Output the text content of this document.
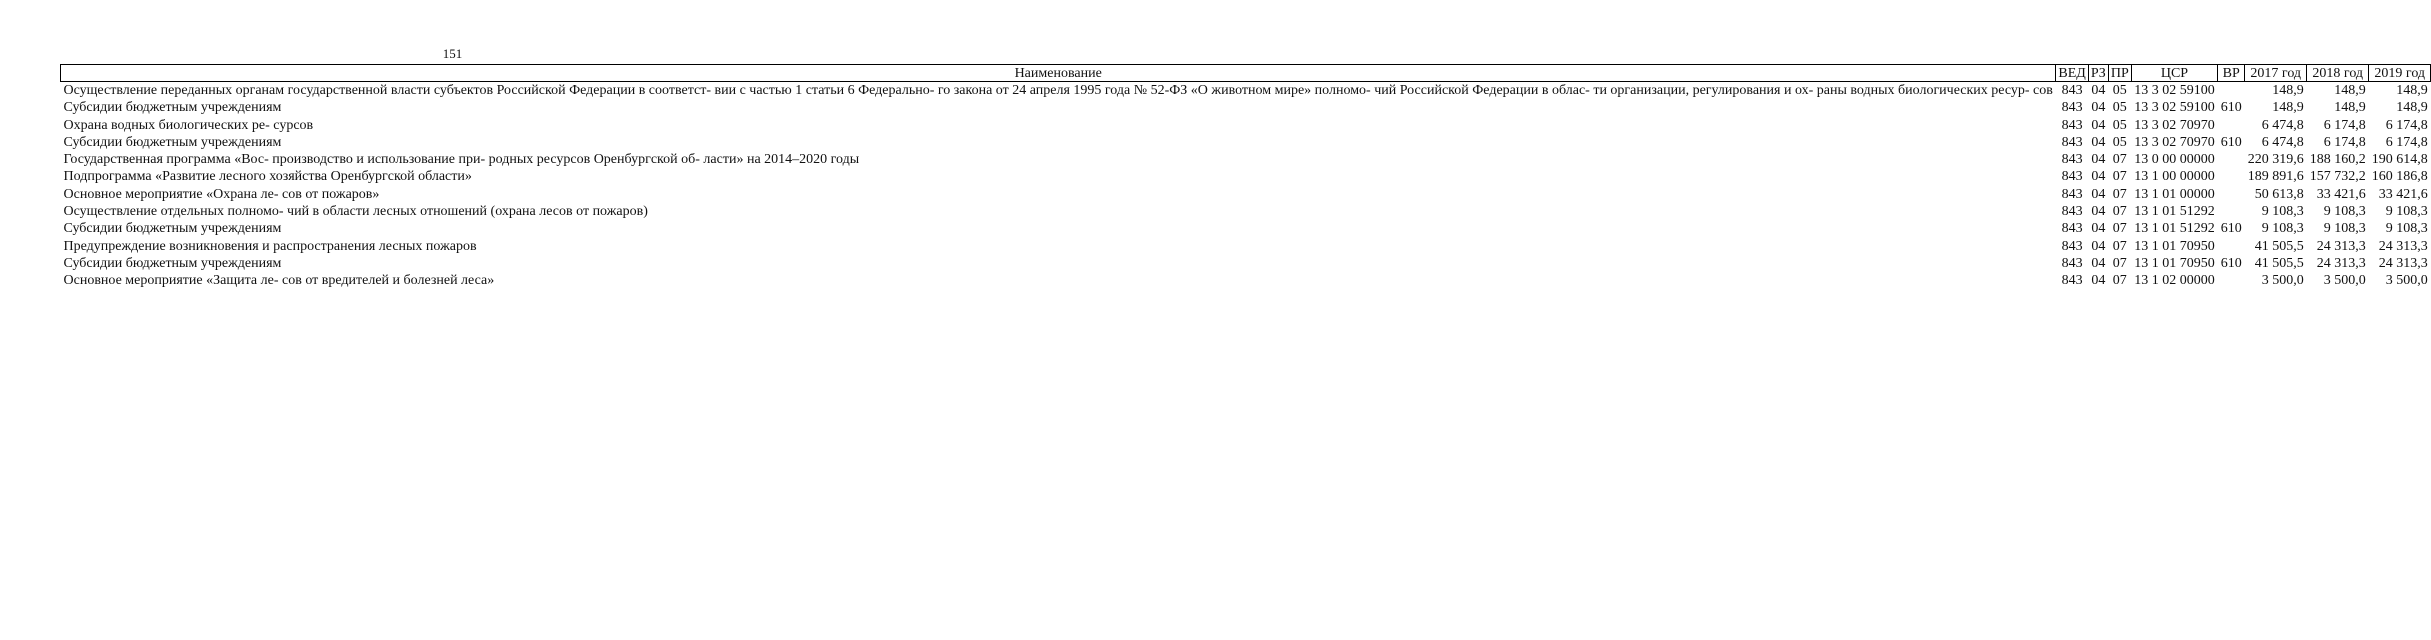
151
Наименование	ВЕД	РЗ	ПР	ЦСР	ВР	2017 год	2018 год	2019 год
Осуществление переданных органам государственной власти субъектов Российской Федерации в соответст- вии с частью 1 статьи 6 Федерально- го закона от 24 апреля 1995 года № 52-ФЗ «О животном мире» полномо- чий Российской Федерации в облас- ти организации, регулирования и ох- раны водных биологических ресур- сов	843	04	05	13 3 02 59100		148,9	148,9	148,9
Субсидии бюджетным учреждениям	843	04	05	13 3 02 59100	610	148,9	148,9	148,9
Охрана водных биологических ре- сурсов	843	04	05	13 3 02 70970		6 474,8	6 174,8	6 174,8
Субсидии бюджетным учреждениям	843	04	05	13 3 02 70970	610	6 474,8	6 174,8	6 174,8
Государственная программа «Вос- производство и использование при- родных ресурсов Оренбургской об- ласти» на 2014–2020 годы	843	04	07	13 0 00 00000		220 319,6	188 160,2	190 614,8
Подпрограмма «Развитие лесного хозяйства Оренбургской области»	843	04	07	13 1 00 00000		189 891,6	157 732,2	160 186,8
Основное мероприятие «Охрана ле- сов от пожаров»	843	04	07	13 1 01 00000		50 613,8	33 421,6	33 421,6
Осуществление отдельных полномо- чий в области лесных отношений (охрана лесов от пожаров)	843	04	07	13 1 01 51292		9 108,3	9 108,3	9 108,3
Субсидии бюджетным учреждениям	843	04	07	13 1 01 51292	610	9 108,3	9 108,3	9 108,3
Предупреждение возникновения и распространения лесных пожаров	843	04	07	13 1 01 70950		41 505,5	24 313,3	24 313,3
Субсидии бюджетным учреждениям	843	04	07	13 1 01 70950	610	41 505,5	24 313,3	24 313,3
Основное мероприятие «Защита ле- сов от вредителей и болезней леса»	843	04	07	13 1 02 00000		3 500,0	3 500,0	3 500,0
